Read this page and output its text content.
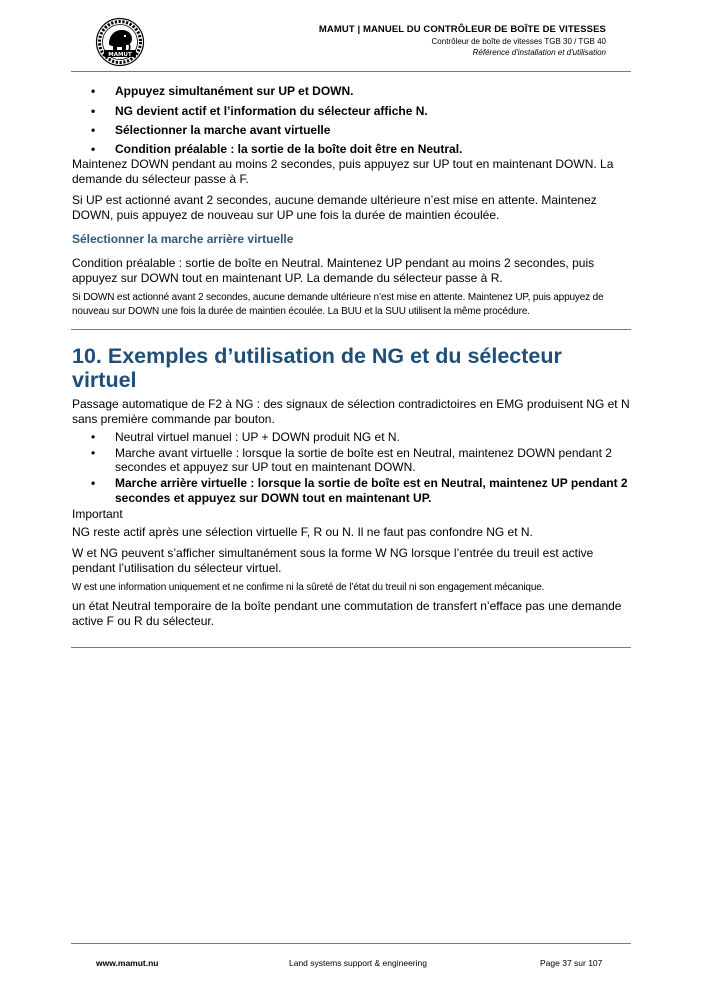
MAMUT
MAMUT | MANUEL DU CONTRÔLEUR DE BOÎTE DE VITESSES
Contrôleur de boîte de vitesses TGB 30 / TGB 40
Référence d'installation et d'utilisation
• Appuyez simultanément sur UP et DOWN.
• NG devient actif et l’information du sélecteur affiche N.
• Sélectionner la marche avant virtuelle
• Condition préalable : la sortie de la boîte doit être en Neutral.

Maintenez DOWN pendant au moins 2 secondes, puis appuyez sur UP tout en maintenant DOWN. La demande du sélecteur passe à F.

Si UP est actionné avant 2 secondes, aucune demande ultérieure n’est mise en attente. Maintenez DOWN, puis appuyez de nouveau sur UP une fois la durée de maintien écoulée.

Sélectionner la marche arrière virtuelle

Condition préalable : sortie de boîte en Neutral. Maintenez UP pendant au moins 2 secondes, puis appuyez sur DOWN tout en maintenant UP. La demande du sélecteur passe à R.

Si DOWN est actionné avant 2 secondes, aucune demande ultérieure n’est mise en attente. Maintenez UP, puis appuyez de nouveau sur DOWN une fois la durée de maintien écoulée. La BUU et la SUU utilisent la même procédure.

10. Exemples d’utilisation de NG et du sélecteur virtuel

Passage automatique de F2 à NG : des signaux de sélection contradictoires en EMG produisent NG et N sans première commande par bouton.

• Neutral virtuel manuel : UP + DOWN produit NG et N.
• Marche avant virtuelle : lorsque la sortie de boîte est en Neutral, maintenez DOWN pendant 2 secondes et appuyez sur UP tout en maintenant DOWN.
• Marche arrière virtuelle : lorsque la sortie de boîte est en Neutral, maintenez UP pendant 2 secondes et appuyez sur DOWN tout en maintenant UP.

Important

NG reste actif après une sélection virtuelle F, R ou N. Il ne faut pas confondre NG et N.

W et NG peuvent s’afficher simultanément sous la forme W NG lorsque l’entrée du treuil est active pendant l’utilisation du sélecteur virtuel.

W est une information uniquement et ne confirme ni la sûreté de l’état du treuil ni son engagement mécanique.

un état Neutral temporaire de la boîte pendant une commutation de transfert n’efface pas une demande active F ou R du sélecteur.

www.mamut.nu	Land systems support & engineering	Page 37 sur 107
